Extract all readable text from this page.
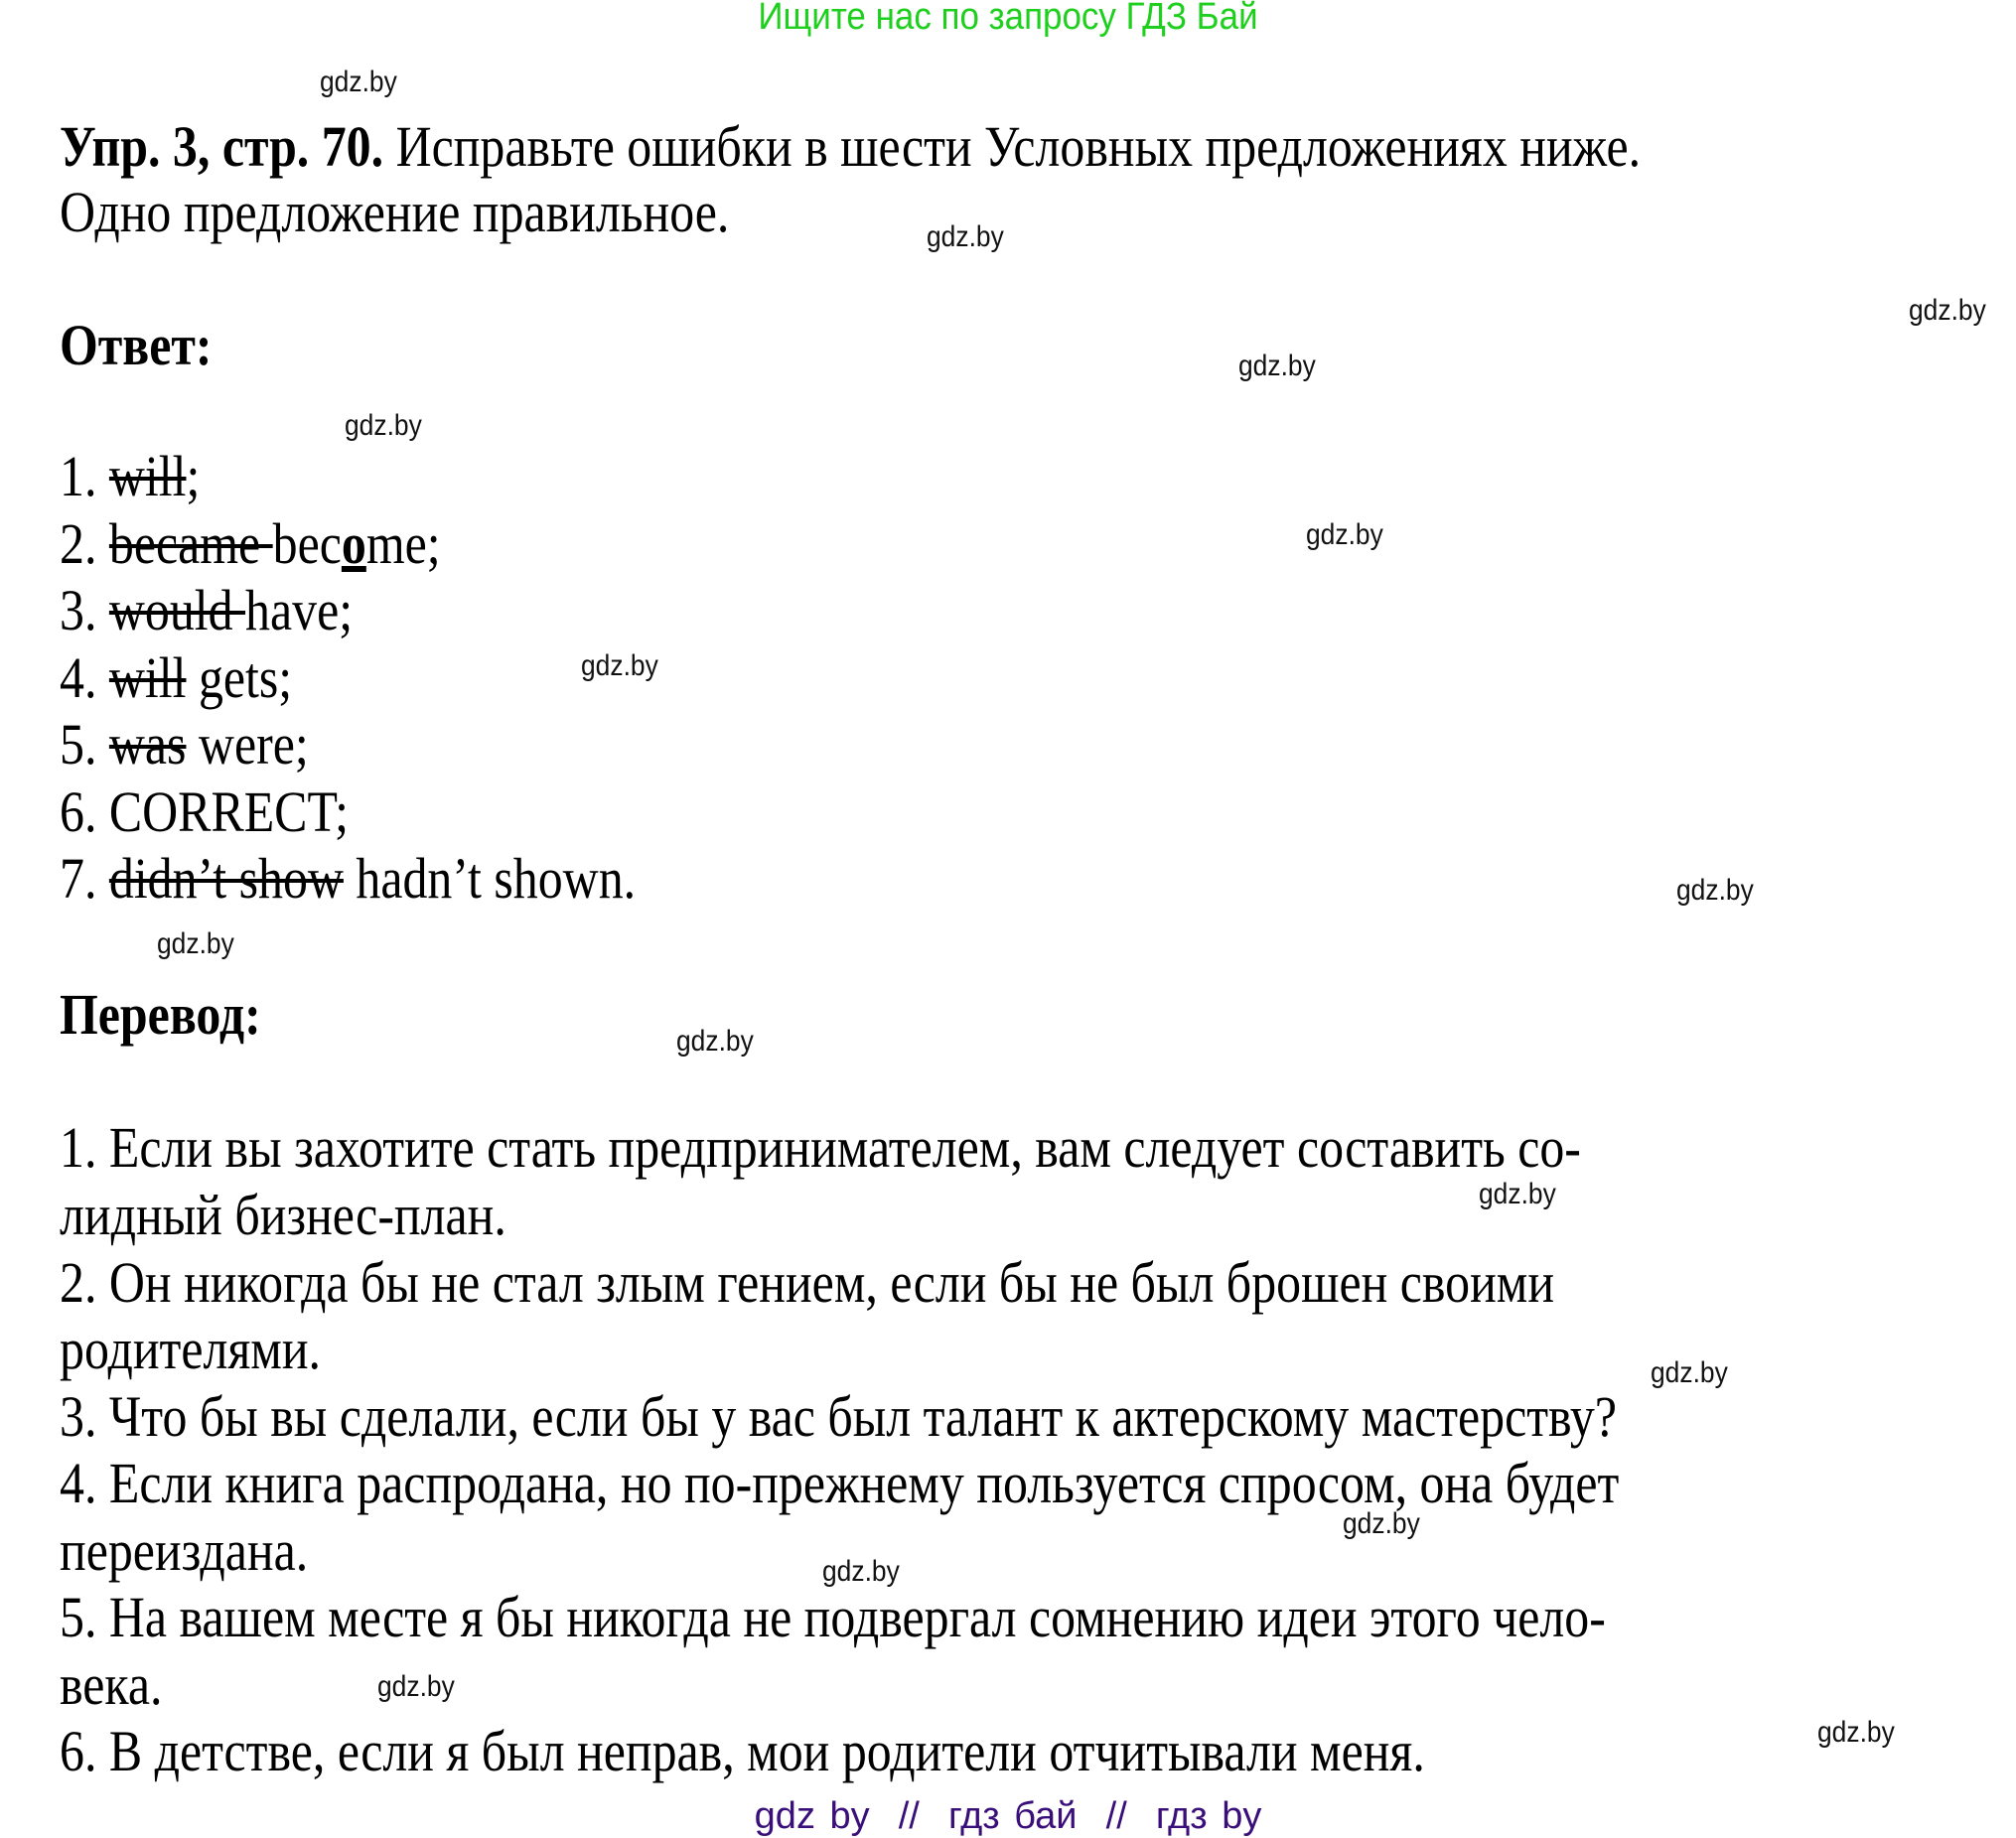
Ищите нас по запросу ГДЗ Бай
gdz.by
gdz.by
gdz.by
gdz.by
gdz.by
gdz.by
gdz.by
gdz.by
gdz.by
gdz.by
gdz.by
gdz.by
gdz.by
gdz.by
gdz.by
gdz.by
Упр. 3, стр. 70. Исправьте ошибки в шести Условных предложениях ниже.
Одно предложение правильное.
Ответ:
1. will;
2. became become;
3. would have;
4. will gets;
5. was were;
6. CORRECT;
7. didn’t show hadn’t shown.
Перевод:
1. Если вы захотите стать предпринимателем, вам следует составить со-
лидный бизнес-план.
2. Он никогда бы не стал злым гением, если бы не был брошен своими
родителями.
3. Что бы вы сделали, если бы у вас был талант к актерскому мастерству?
4. Если книга распродана, но по-прежнему пользуется спросом, она будет
переиздана.
5. На вашем месте я бы никогда не подвергал сомнению идеи этого чело-
века.
6. В детстве, если я был неправ, мои родители отчитывали меня.
gdz by  //  гдз бай  //  гдз by
